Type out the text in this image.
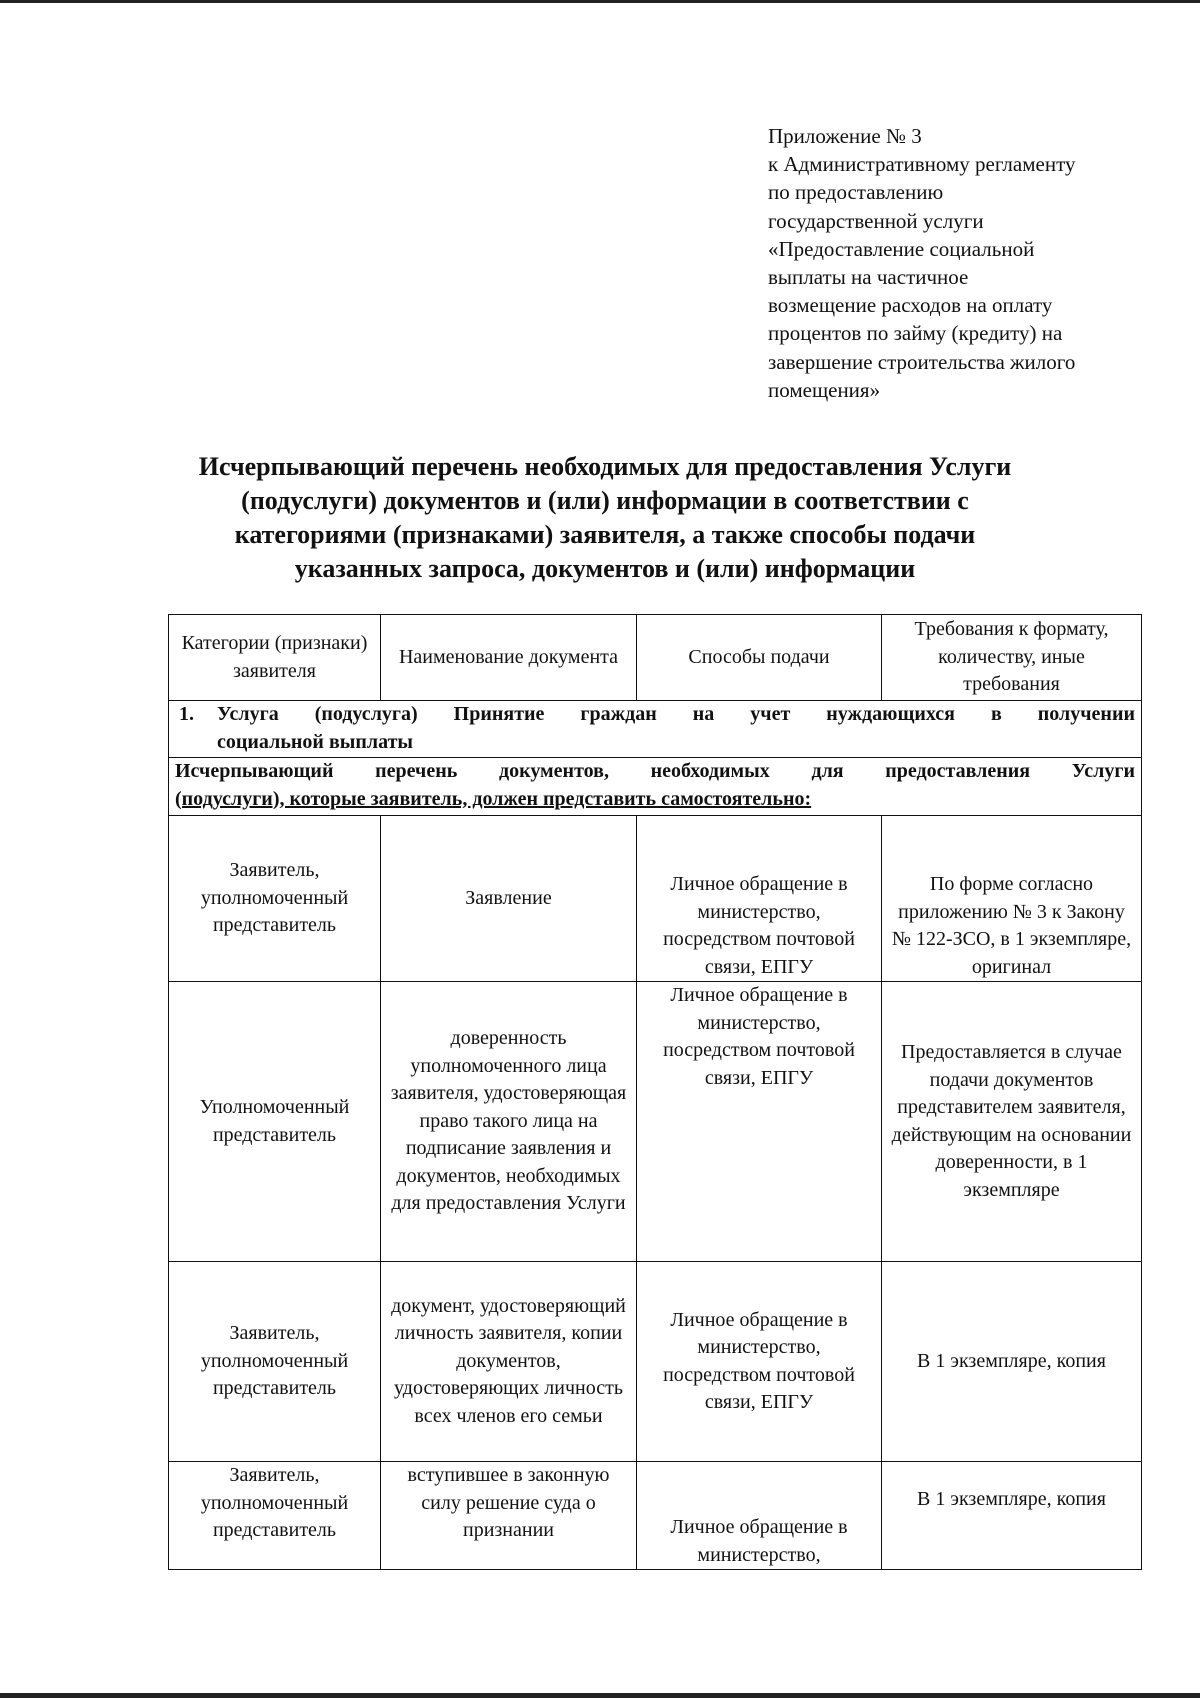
Приложение № 3
к Административному регламенту
по предоставлению
государственной услуги
«Предоставление социальной
выплаты на частичное
возмещение расходов на оплату
процентов по займу (кредиту) на
завершение строительства жилого
помещения»
Исчерпывающий перечень необходимых для предоставления Услуги
(подуслуги) документов и (или) информации в соответствии с
категориями (признаками) заявителя, а также способы подачи
указанных запроса, документов и (или) информации
Категории (признаки) заявителя	Наименование документа	Способы подачи	Требования к формату, количеству, иные требования

1. Услуга (подуслуга) Принятие граждан на учет нуждающихся в получении
социальной выплаты			

Исчерпывающий перечень документов, необходимых для предоставления Услуги
(подуслуги), которые заявитель, должен представить самостоятельно:			

Заявитель, уполномоченный представитель	Заявление	Личное обращение в министерство, посредством почтовой связи, ЕПГУ	По форме согласно приложению № 3 к Закону № 122-ЗСО, в 1 экземпляре, оригинал
Уполномоченный представитель	доверенность уполномоченного лица заявителя, удостоверяющая право такого лица на подписание заявления и документов, необходимых для предоставления Услуги	Личное обращение в министерство, посредством почтовой связи, ЕПГУ	Предоставляется в случае подачи документов представителем заявителя, действующим на основании доверенности, в 1 экземпляре
Заявитель, уполномоченный представитель	документ, удостоверяющий личность заявителя, копии документов, удостоверяющих личность всех членов его семьи	Личное обращение в министерство, посредством почтовой связи, ЕПГУ	В 1 экземпляре, копия
Заявитель, уполномоченный представитель	вступившее в законную силу решение суда о признании	Личное обращение в министерство,	В 1 экземпляре, копия
